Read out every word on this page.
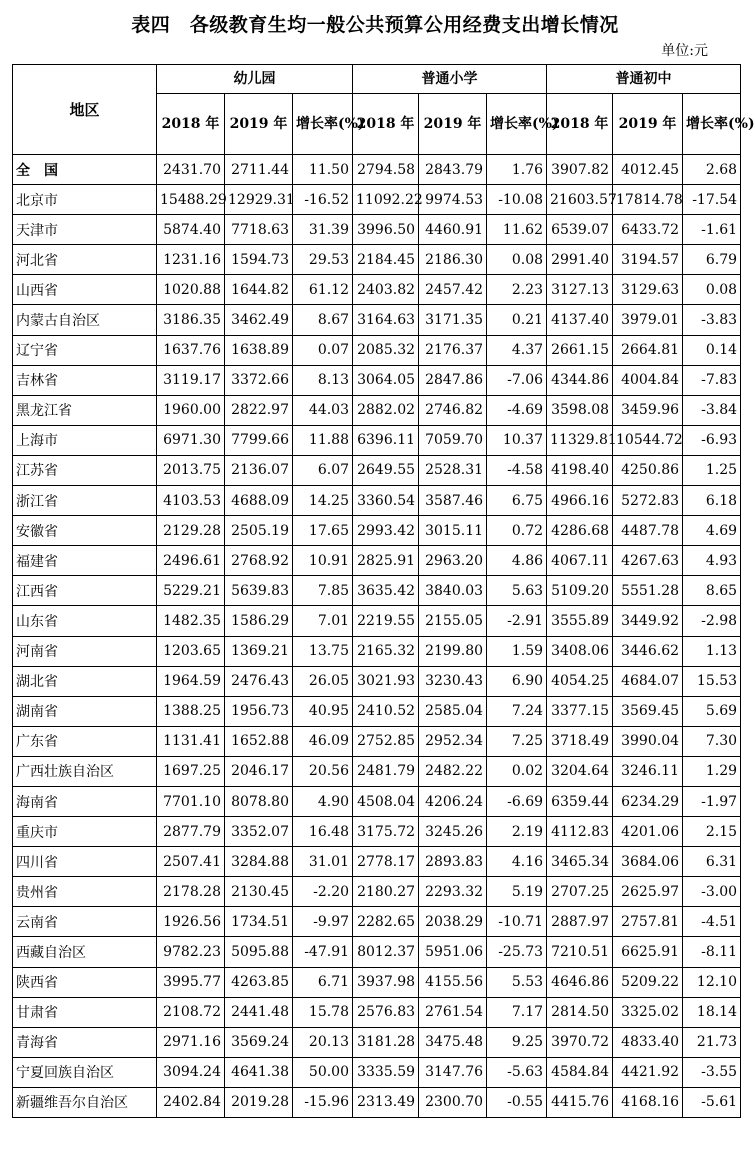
表四　各级教育生均一般公共预算公用经费支出增长情况
单位:元
地区	幼儿园			普通小学			普通初中		
	2018 年	2019 年	增长率(%)	2018 年	2019 年	增长率(%)	2018 年	2019 年	增长率(%)
全　国	2431.70	2711.44	11.50	2794.58	2843.79	1.76	3907.82	4012.45	2.68
北京市	15488.29	12929.31	-16.52	11092.22	9974.53	-10.08	21603.57	17814.78	-17.54
天津市	5874.40	7718.63	31.39	3996.50	4460.91	11.62	6539.07	6433.72	-1.61
河北省	1231.16	1594.73	29.53	2184.45	2186.30	0.08	2991.40	3194.57	6.79
山西省	1020.88	1644.82	61.12	2403.82	2457.42	2.23	3127.13	3129.63	0.08
内蒙古自治区	3186.35	3462.49	8.67	3164.63	3171.35	0.21	4137.40	3979.01	-3.83
辽宁省	1637.76	1638.89	0.07	2085.32	2176.37	4.37	2661.15	2664.81	0.14
吉林省	3119.17	3372.66	8.13	3064.05	2847.86	-7.06	4344.86	4004.84	-7.83
黑龙江省	1960.00	2822.97	44.03	2882.02	2746.82	-4.69	3598.08	3459.96	-3.84
上海市	6971.30	7799.66	11.88	6396.11	7059.70	10.37	11329.81	10544.72	-6.93
江苏省	2013.75	2136.07	6.07	2649.55	2528.31	-4.58	4198.40	4250.86	1.25
浙江省	4103.53	4688.09	14.25	3360.54	3587.46	6.75	4966.16	5272.83	6.18
安徽省	2129.28	2505.19	17.65	2993.42	3015.11	0.72	4286.68	4487.78	4.69
福建省	2496.61	2768.92	10.91	2825.91	2963.20	4.86	4067.11	4267.63	4.93
江西省	5229.21	5639.83	7.85	3635.42	3840.03	5.63	5109.20	5551.28	8.65
山东省	1482.35	1586.29	7.01	2219.55	2155.05	-2.91	3555.89	3449.92	-2.98
河南省	1203.65	1369.21	13.75	2165.32	2199.80	1.59	3408.06	3446.62	1.13
湖北省	1964.59	2476.43	26.05	3021.93	3230.43	6.90	4054.25	4684.07	15.53
湖南省	1388.25	1956.73	40.95	2410.52	2585.04	7.24	3377.15	3569.45	5.69
广东省	1131.41	1652.88	46.09	2752.85	2952.34	7.25	3718.49	3990.04	7.30
广西壮族自治区	1697.25	2046.17	20.56	2481.79	2482.22	0.02	3204.64	3246.11	1.29
海南省	7701.10	8078.80	4.90	4508.04	4206.24	-6.69	6359.44	6234.29	-1.97
重庆市	2877.79	3352.07	16.48	3175.72	3245.26	2.19	4112.83	4201.06	2.15
四川省	2507.41	3284.88	31.01	2778.17	2893.83	4.16	3465.34	3684.06	6.31
贵州省	2178.28	2130.45	-2.20	2180.27	2293.32	5.19	2707.25	2625.97	-3.00
云南省	1926.56	1734.51	-9.97	2282.65	2038.29	-10.71	2887.97	2757.81	-4.51
西藏自治区	9782.23	5095.88	-47.91	8012.37	5951.06	-25.73	7210.51	6625.91	-8.11
陕西省	3995.77	4263.85	6.71	3937.98	4155.56	5.53	4646.86	5209.22	12.10
甘肃省	2108.72	2441.48	15.78	2576.83	2761.54	7.17	2814.50	3325.02	18.14
青海省	2971.16	3569.24	20.13	3181.28	3475.48	9.25	3970.72	4833.40	21.73
宁夏回族自治区	3094.24	4641.38	50.00	3335.59	3147.76	-5.63	4584.84	4421.92	-3.55
新疆维吾尔自治区	2402.84	2019.28	-15.96	2313.49	2300.70	-0.55	4415.76	4168.16	-5.61
